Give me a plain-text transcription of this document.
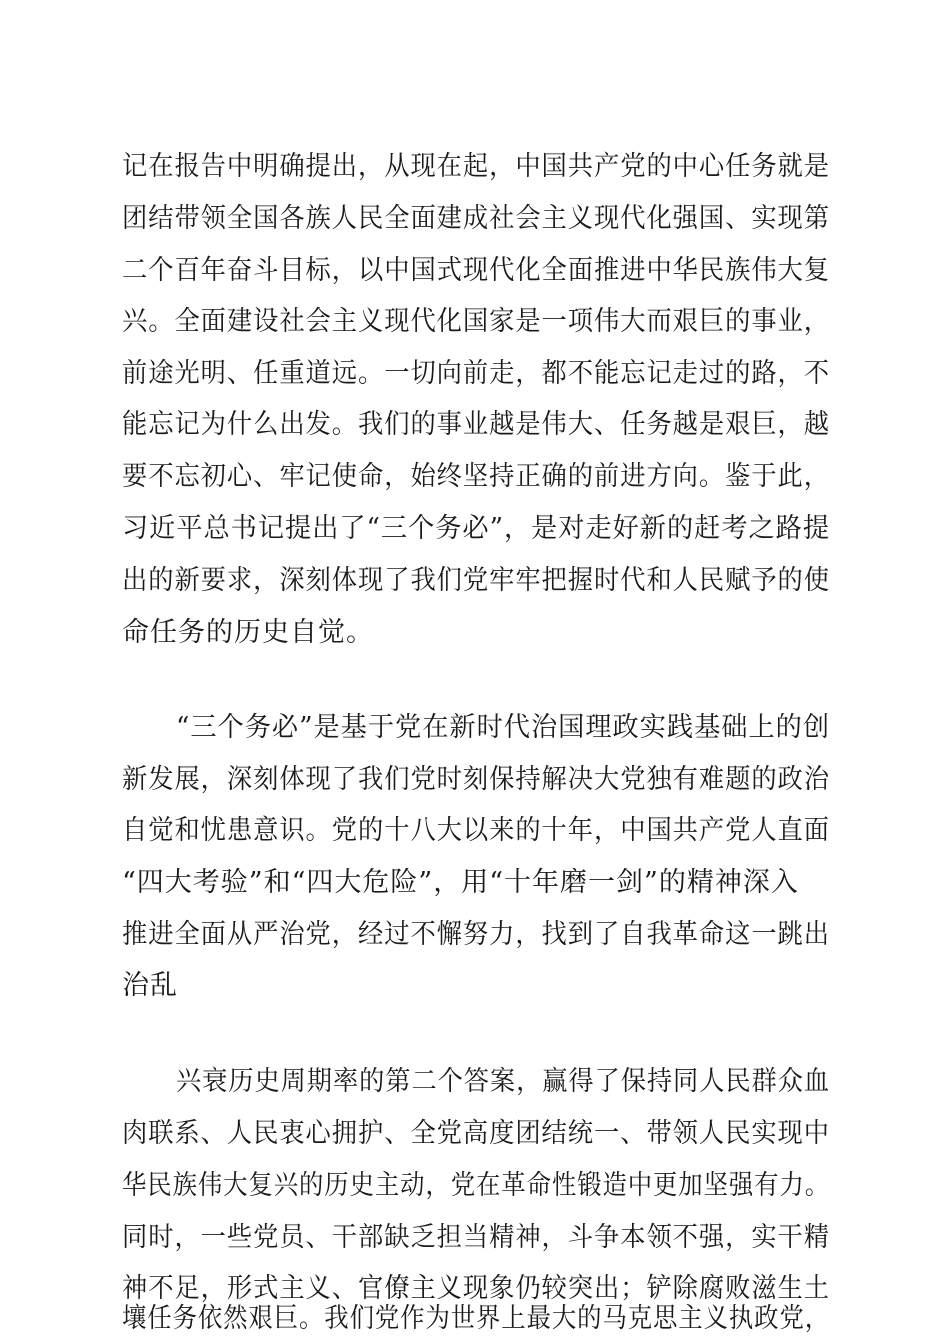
记在报告中明确提出，从现在起，中国共产党的中心任务就是

团结带领全国各族人民全面建成社会主义现代化强国、实现第

二个百年奋斗目标，以中国式现代化全面推进中华民族伟大复

兴。全面建设社会主义现代化国家是一项伟大而艰巨的事业，

前途光明、任重道远。一切向前走，都不能忘记走过的路，不

能忘记为什么出发。我们的事业越是伟大、任务越是艰巨，越

要不忘初心、牢记使命，始终坚持正确的前进方向。鉴于此，

习近平总书记提出了“三个务必”，是对走好新的赶考之路提

出的新要求，深刻体现了我们党牢牢把握时代和人民赋予的使

命任务的历史自觉。

“三个务必”是基于党在新时代治国理政实践基础上的创

新发展，深刻体现了我们党时刻保持解决大党独有难题的政治

自觉和忧患意识。党的十八大以来的十年，中国共产党人直面

“四大考验”和“四大危险”，用“十年磨一剑”的精神深入

推进全面从严治党，经过不懈努力，找到了自我革命这一跳出

治乱

兴衰历史周期率的第二个答案，赢得了保持同人民群众血

肉联系、人民衷心拥护、全党高度团结统一、带领人民实现中

华民族伟大复兴的历史主动，党在革命性锻造中更加坚强有力。

同时，一些党员、干部缺乏担当精神，斗争本领不强，实干精

神不足，形式主义、官僚主义现象仍较突出；铲除腐败滋生土

壤任务依然艰巨。我们党作为世界上最大的马克思主义执政党，
